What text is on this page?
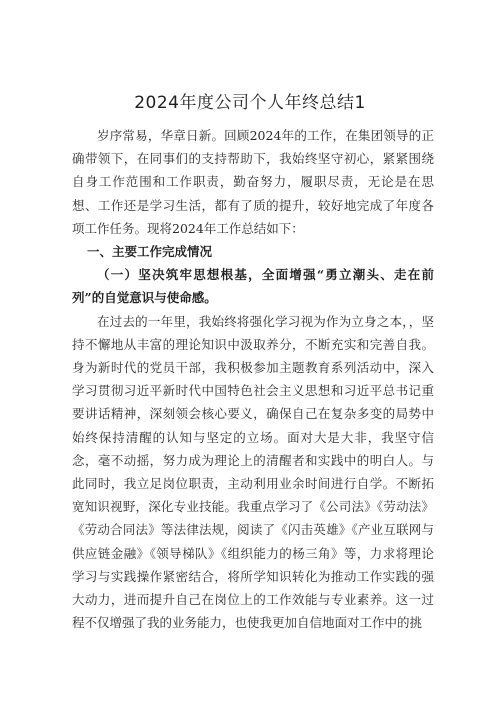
2024年度公司个人年终总结1

岁序常易，华章日新。回顾2024年的工作，在集团领导的正确带领下，在同事们的支持帮助下，我始终坚守初心，紧紧围绕自身工作范围和工作职责，勤奋努力，履职尽责，无论是在思想、工作还是学习生活，都有了质的提升，较好地完成了年度各项工作任务。现将2024年工作总结如下：

一、主要工作完成情况
（一）坚决筑牢思想根基，全面增强“勇立潮头、走在前列”的自觉意识与使命感。

在过去的一年里，我始终将强化学习视为作为立身之本，，坚持不懈地从丰富的理论知识中汲取养分，不断充实和完善自我。身为新时代的党员干部，我积极参加主题教育系列活动中，深入学习贯彻习近平新时代中国特色社会主义思想和习近平总书记重要讲话精神，深刻领会核心要义，确保自己在复杂多变的局势中始终保持清醒的认知与坚定的立场。面对大是大非，我坚守信念，毫不动摇，努力成为理论上的清醒者和实践中的明白人。与此同时，我立足岗位职责，主动利用业余时间进行自学。不断拓宽知识视野，深化专业技能。我重点学习了《公司法》《劳动法》《劳动合同法》等法律法规，阅读了《闪击英雄》《产业互联网与供应链金融》《领导梯队》《组织能力的杨三角》等，力求将理论学习与实践操作紧密结合，将所学知识转化为推动工作实践的强大动力，进而提升自己在岗位上的工作效能与专业素养。这一过程不仅增强了我的业务能力，也使我更加自信地面对工作中的挑
